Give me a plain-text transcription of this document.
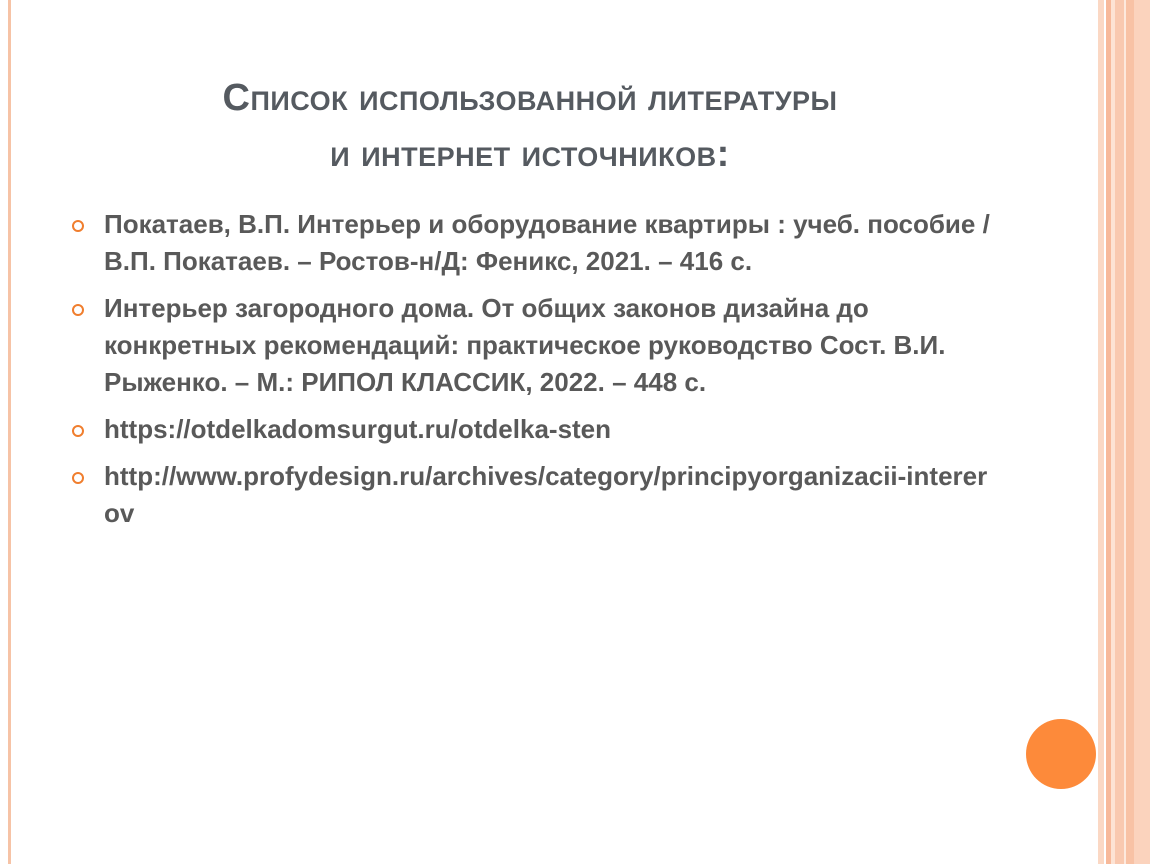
Список использованной литературы
и интернет источников:
Покатаев, В.П. Интерьер и оборудование квартиры : учеб. пособие / В.П. Покатаев. – Ростов-н/Д: Феникс, 2021. – 416 с.
Интерьер загородного дома. От общих законов дизайна до конкретных рекомендаций: практическое руководство Сост. В.И. Рыженко. – М.: РИПОЛ КЛАССИК, 2022. – 448 с.
https://otdelkadomsurgut.ru/otdelka-sten
http://www.profydesign.ru/archives/category/principyorganizacii-intererov
